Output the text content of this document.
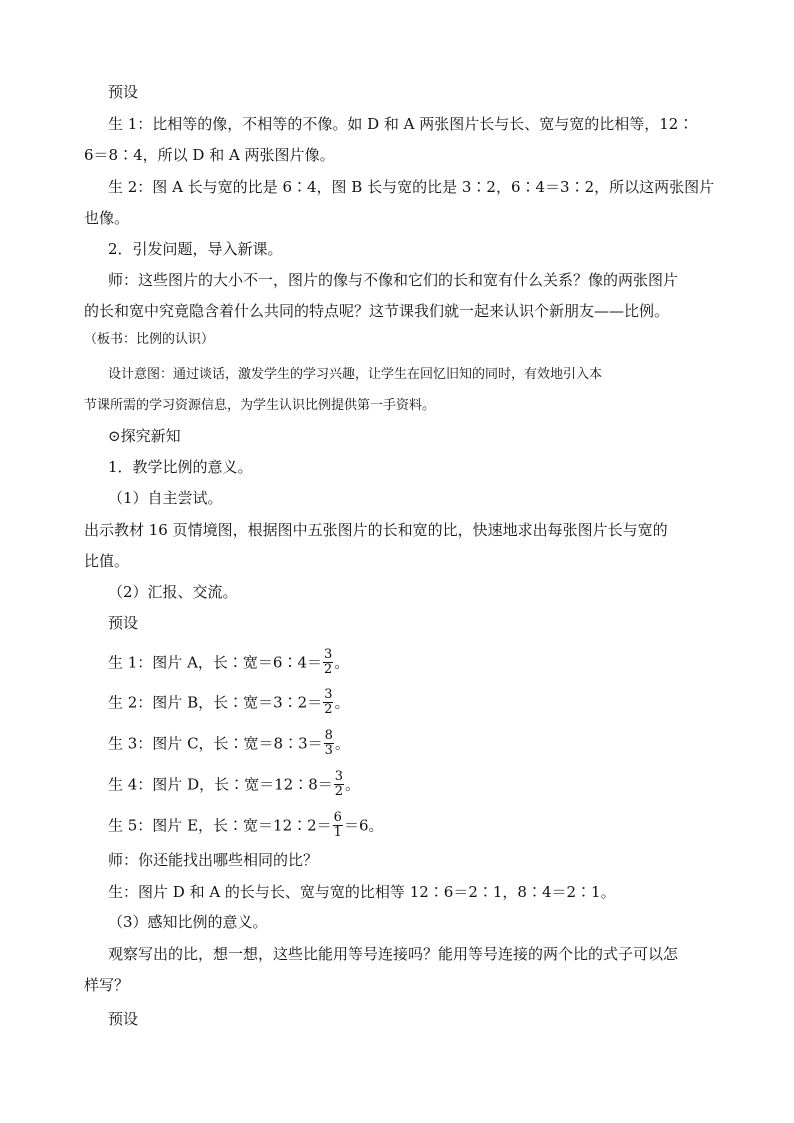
预设
生 1：比相等的像，不相等的不像。如 D 和 A 两张图片长与长、宽与宽的比相等，12∶
6＝8∶4，所以 D 和 A 两张图片像。
生 2：图 A 长与宽的比是 6∶4，图 B 长与宽的比是 3∶2，6∶4＝3∶2，所以这两张图片
也像。
2．引发问题，导入新课。
师：这些图片的大小不一，图片的像与不像和它们的长和宽有什么关系？像的两张图片
的长和宽中究竟隐含着什么共同的特点呢？这节课我们就一起来认识个新朋友——比例。
（板书：比例的认识）
设计意图：通过谈话，激发学生的学习兴趣，让学生在回忆旧知的同时，有效地引入本
节课所需的学习资源信息，为学生认识比例提供第一手资料。
⊙探究新知
1．教学比例的意义。
（1）自主尝试。
出示教材 16 页情境图，根据图中五张图片的长和宽的比，快速地求出每张图片长与宽的
比值。
（2）汇报、交流。
预设
生 1：图片 A，长∶宽＝6∶4＝ $\frac{3}{2}$ 。
生 2：图片 B，长∶宽＝3∶2＝ $\frac{3}{2}$ 。
生 3：图片 C，长∶宽＝8∶3＝ $\frac{8}{3}$ 。
生 4：图片 D，长∶宽＝12∶8＝ $\frac{3}{2}$ 。
生 5：图片 E，长∶宽＝12∶2＝ $\frac{6}{1} =6$。
师：你还能找出哪些相同的比？
生：图片 D 和 A 的长与长、宽与宽的比相等 12∶6＝2∶1，8∶4＝2∶1。
（3）感知比例的意义。
观察写出的比，想一想，这些比能用等号连接吗？能用等号连接的两个比的式子可以怎
样写？
预设
